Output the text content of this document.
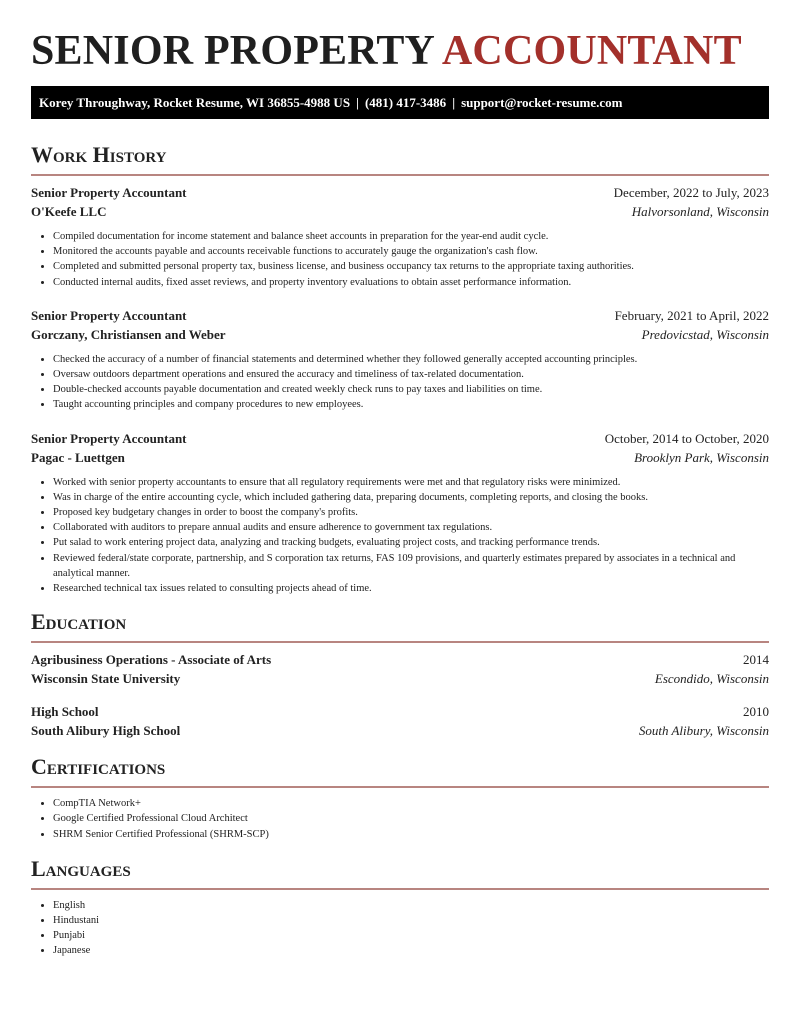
SENIOR PROPERTY ACCOUNTANT
Korey Throughway, Rocket Resume, WI 36855-4988 US | (481) 417-3486 | support@rocket-resume.com
Work History
Senior Property Accountant	December, 2022 to July, 2023
O'Keefe LLC	Halvorsonland, Wisconsin
• Compiled documentation for income statement and balance sheet accounts in preparation for the year-end audit cycle.
• Monitored the accounts payable and accounts receivable functions to accurately gauge the organization's cash flow.
• Completed and submitted personal property tax, business license, and business occupancy tax returns to the appropriate taxing authorities.
• Conducted internal audits, fixed asset reviews, and property inventory evaluations to obtain asset performance information.
Senior Property Accountant	February, 2021 to April, 2022
Gorczany, Christiansen and Weber	Predovicstad, Wisconsin
• Checked the accuracy of a number of financial statements and determined whether they followed generally accepted accounting principles.
• Oversaw outdoors department operations and ensured the accuracy and timeliness of tax-related documentation.
• Double-checked accounts payable documentation and created weekly check runs to pay taxes and liabilities on time.
• Taught accounting principles and company procedures to new employees.
Senior Property Accountant	October, 2014 to October, 2020
Pagac - Luettgen	Brooklyn Park, Wisconsin
• Worked with senior property accountants to ensure that all regulatory requirements were met and that regulatory risks were minimized.
• Was in charge of the entire accounting cycle, which included gathering data, preparing documents, completing reports, and closing the books.
• Proposed key budgetary changes in order to boost the company's profits.
• Collaborated with auditors to prepare annual audits and ensure adherence to government tax regulations.
• Put salad to work entering project data, analyzing and tracking budgets, evaluating project costs, and tracking performance trends.
• Reviewed federal/state corporate, partnership, and S corporation tax returns, FAS 109 provisions, and quarterly estimates prepared by associates in a technical and analytical manner.
• Researched technical tax issues related to consulting projects ahead of time.
Education
Agribusiness Operations - Associate of Arts	2014
Wisconsin State University	Escondido, Wisconsin
High School	2010
South Alibury High School	South Alibury, Wisconsin
Certifications
• CompTIA Network+
• Google Certified Professional Cloud Architect
• SHRM Senior Certified Professional (SHRM-SCP)
Languages
• English
• Hindustani
• Punjabi
• Japanese
